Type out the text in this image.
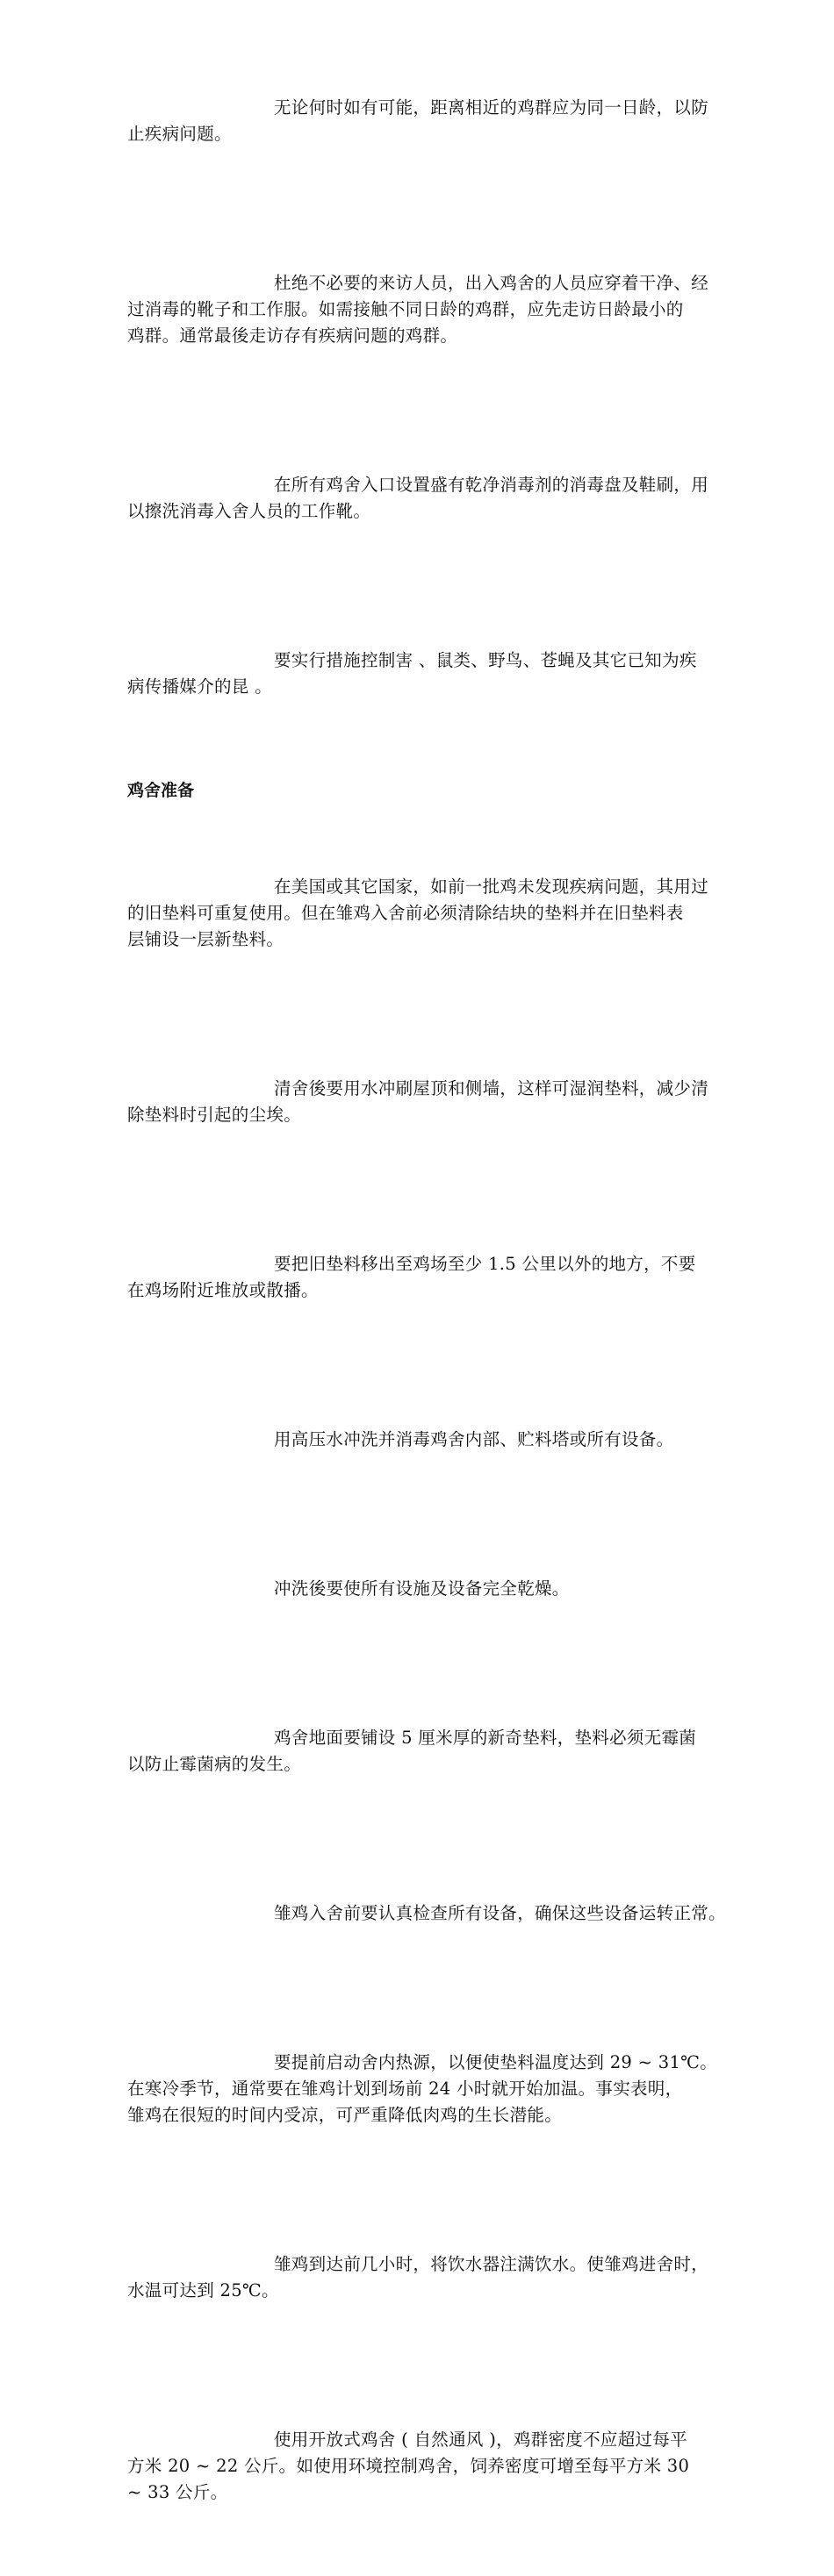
无论何时如有可能，距离相近的鸡群应为同一日龄，以防
止疾病问题。

杜绝不必要的来访人员，出入鸡舍的人员应穿着干净、经
过消毒的靴子和工作服。如需接触不同日龄的鸡群，应先走访日龄最小的
鸡群。通常最後走访存有疾病问题的鸡群。

在所有鸡舍入口设置盛有乾净消毒剂的消毒盘及鞋刷，用
以擦洗消毒入舍人员的工作靴。

要实行措施控制害 、鼠类、野鸟、苍蝇及其它已知为疾
病传播媒介的昆 。

鸡舍准备

在美国或其它国家，如前一批鸡未发现疾病问题，其用过
的旧垫料可重复使用。但在雏鸡入舍前必须清除结块的垫料并在旧垫料表
层铺设一层新垫料。

清舍後要用水冲刷屋顶和侧墙，这样可湿润垫料，减少清
除垫料时引起的尘埃。

要把旧垫料移出至鸡场至少 1.5 公里以外的地方，不要
在鸡场附近堆放或散播。

用高压水冲洗并消毒鸡舍内部、贮料塔或所有设备。

冲洗後要使所有设施及设备完全乾燥。

鸡舍地面要铺设 5 厘米厚的新奇垫料，垫料必须无霉菌
以防止霉菌病的发生。

雏鸡入舍前要认真检查所有设备，确保这些设备运转正常。

要提前启动舍内热源，以便使垫料温度达到 29 ~ 31℃。
在寒冷季节，通常要在雏鸡计划到场前 24 小时就开始加温。事实表明，
雏鸡在很短的时间内受凉，可严重降低肉鸡的生长潜能。

雏鸡到达前几小时，将饮水器注满饮水。使雏鸡进舍时，
水温可达到 25℃。

使用开放式鸡舍 ( 自然通风 )，鸡群密度不应超过每平
方米 20 ~ 22 公斤。如使用环境控制鸡舍，饲养密度可增至每平方米 30
~ 33 公斤。
